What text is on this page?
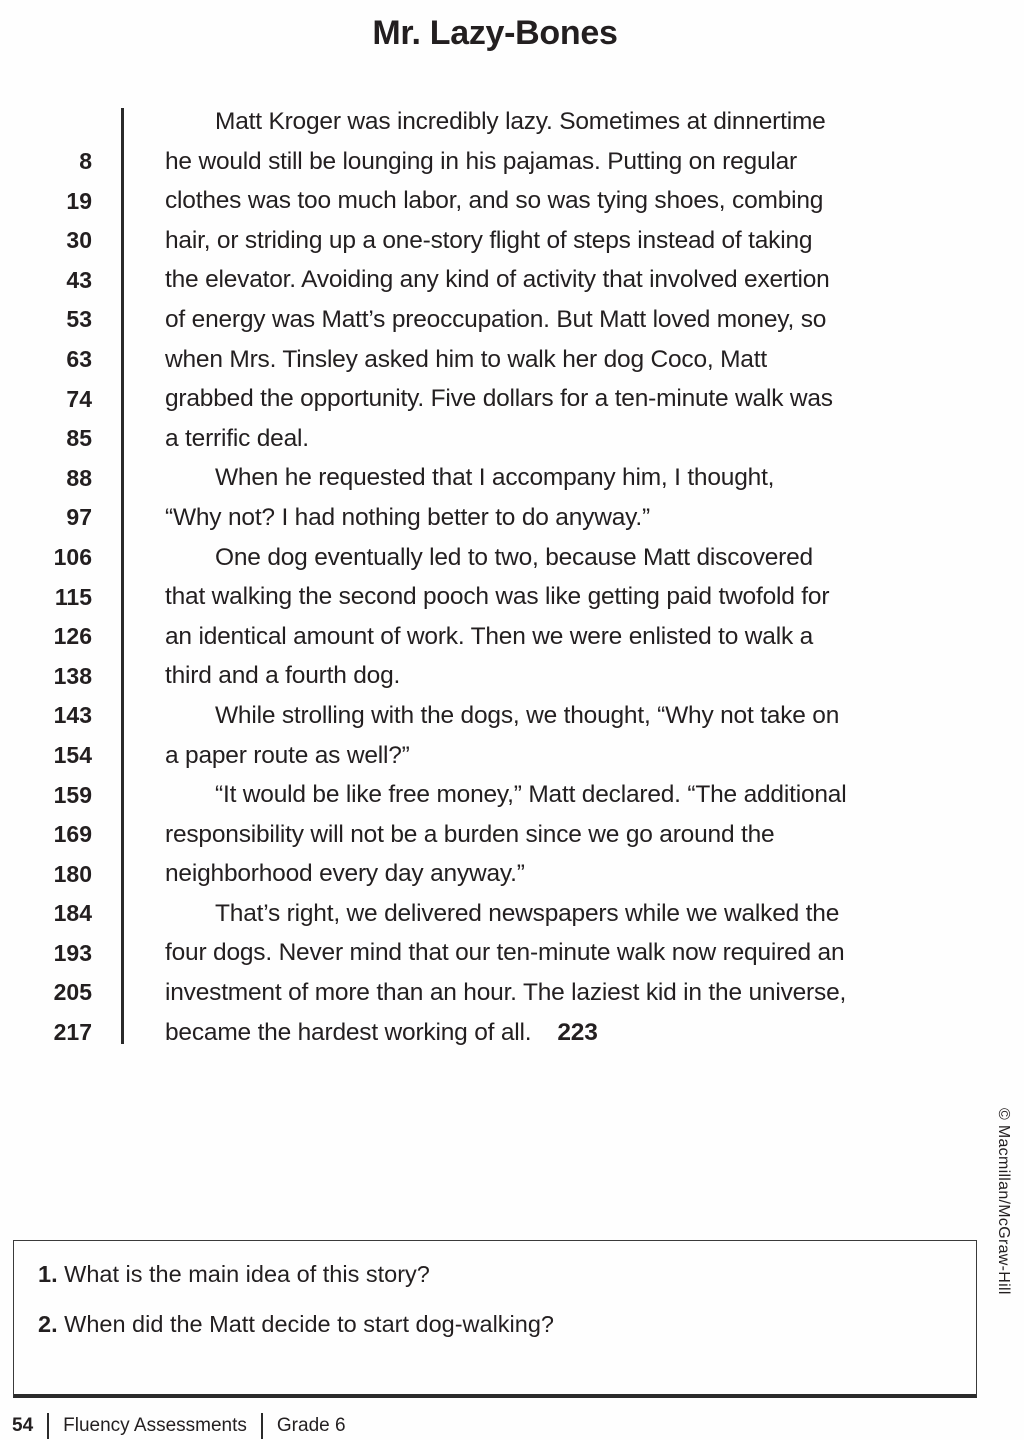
Mr. Lazy-Bones
8
19
30
43
53
63
74
85
88
97
106
115
126
138
143
154
159
169
180
184
193
205
217
Matt Kroger was incredibly lazy. Sometimes at dinnertime
he would still be lounging in his pajamas. Putting on regular
clothes was too much labor, and so was tying shoes, combing
hair, or striding up a one-story flight of steps instead of taking
the elevator. Avoiding any kind of activity that involved exertion
of energy was Matt’s preoccupation. But Matt loved money, so
when Mrs. Tinsley asked him to walk her dog Coco, Matt
grabbed the opportunity. Five dollars for a ten-minute walk was
a terrific deal.
When he requested that I accompany him, I thought,
“Why not? I had nothing better to do anyway.”
One dog eventually led to two, because Matt discovered
that walking the second pooch was like getting paid twofold for
an identical amount of work. Then we were enlisted to walk a
third and a fourth dog.
While strolling with the dogs, we thought, “Why not take on
a paper route as well?”
“It would be like free money,” Matt declared. “The additional
responsibility will not be a burden since we go around the
neighborhood every day anyway.”
That’s right, we delivered newspapers while we walked the
four dogs. Never mind that our ten-minute walk now required an
investment of more than an hour. The laziest kid in the universe,
became the hardest working of all. 223
© Macmillan/McGraw-Hill
1. What is the main idea of this story?
2. When did the Matt decide to start dog-walking?
54 Fluency Assessments Grade 6
